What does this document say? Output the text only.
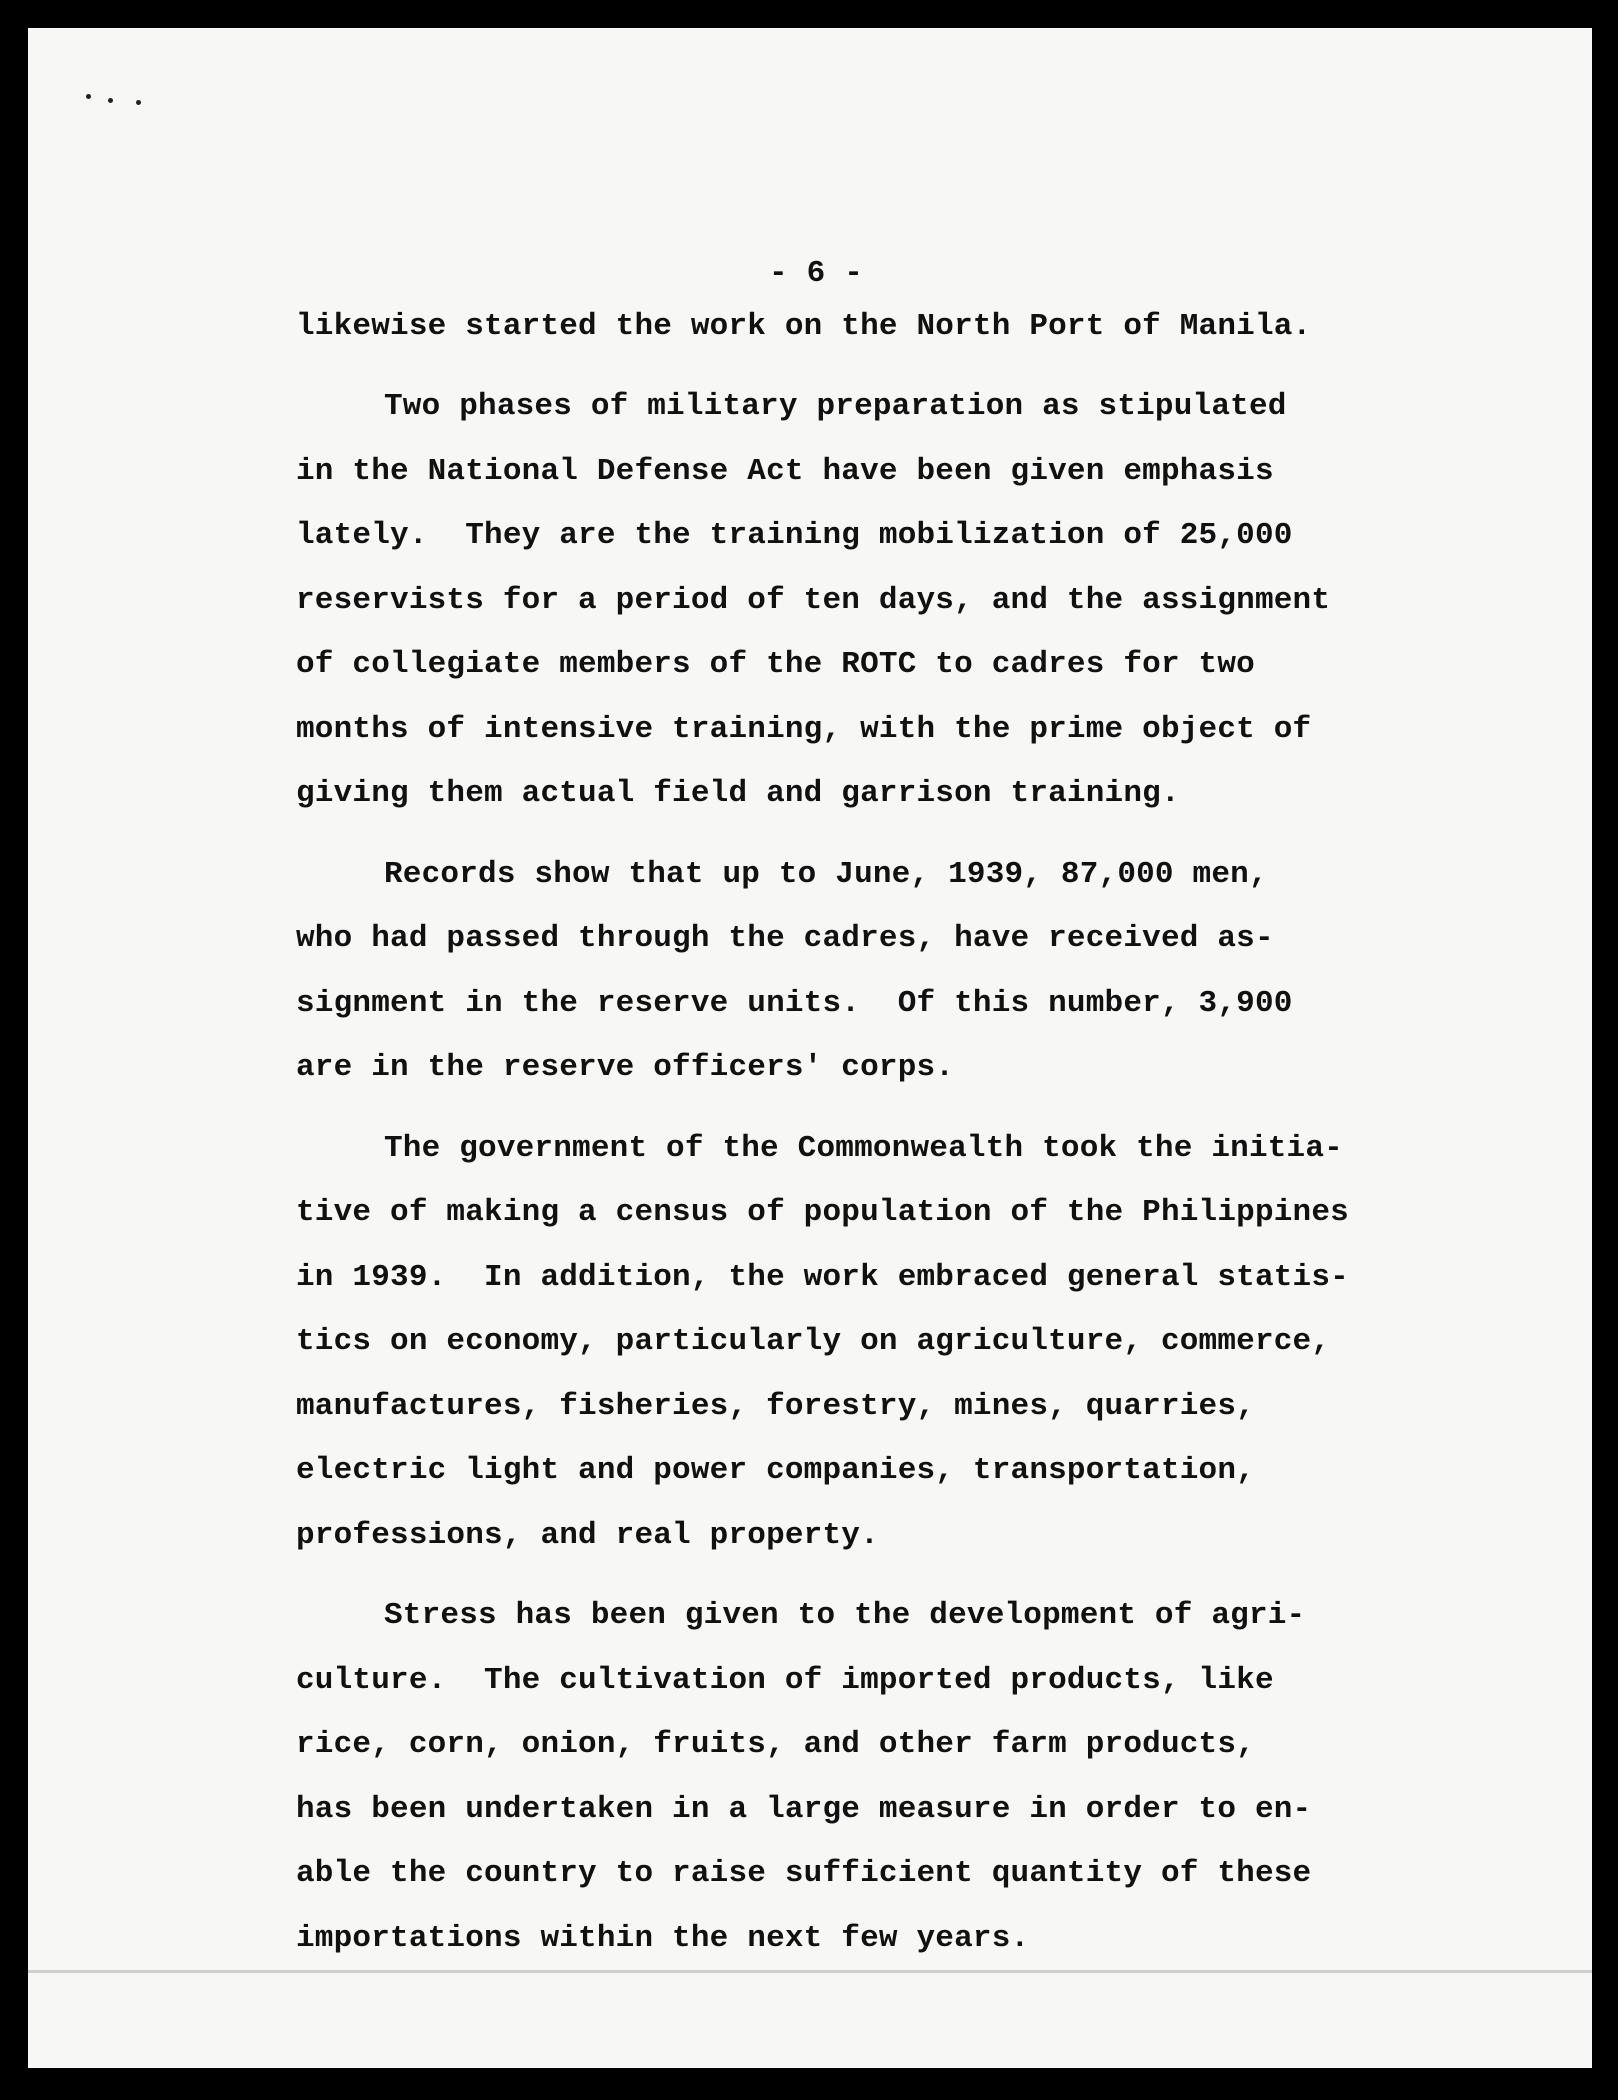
- 6 -
likewise started the work on the North Port of Manila.
Two phases of military preparation as stipulated
in the National Defense Act have been given emphasis
lately.  They are the training mobilization of 25,000
reservists for a period of ten days, and the assignment
of collegiate members of the ROTC to cadres for two
months of intensive training, with the prime object of
giving them actual field and garrison training.
Records show that up to June, 1939, 87,000 men,
who had passed through the cadres, have received as-
signment in the reserve units.  Of this number, 3,900
are in the reserve officers' corps.
The government of the Commonwealth took the initia-
tive of making a census of population of the Philippines
in 1939.  In addition, the work embraced general statis-
tics on economy, particularly on agriculture, commerce,
manufactures, fisheries, forestry, mines, quarries,
electric light and power companies, transportation,
professions, and real property.
Stress has been given to the development of agri-
culture.  The cultivation of imported products, like
rice, corn, onion, fruits, and other farm products,
has been undertaken in a large measure in order to en-
able the country to raise sufficient quantity of these
importations within the next few years.
